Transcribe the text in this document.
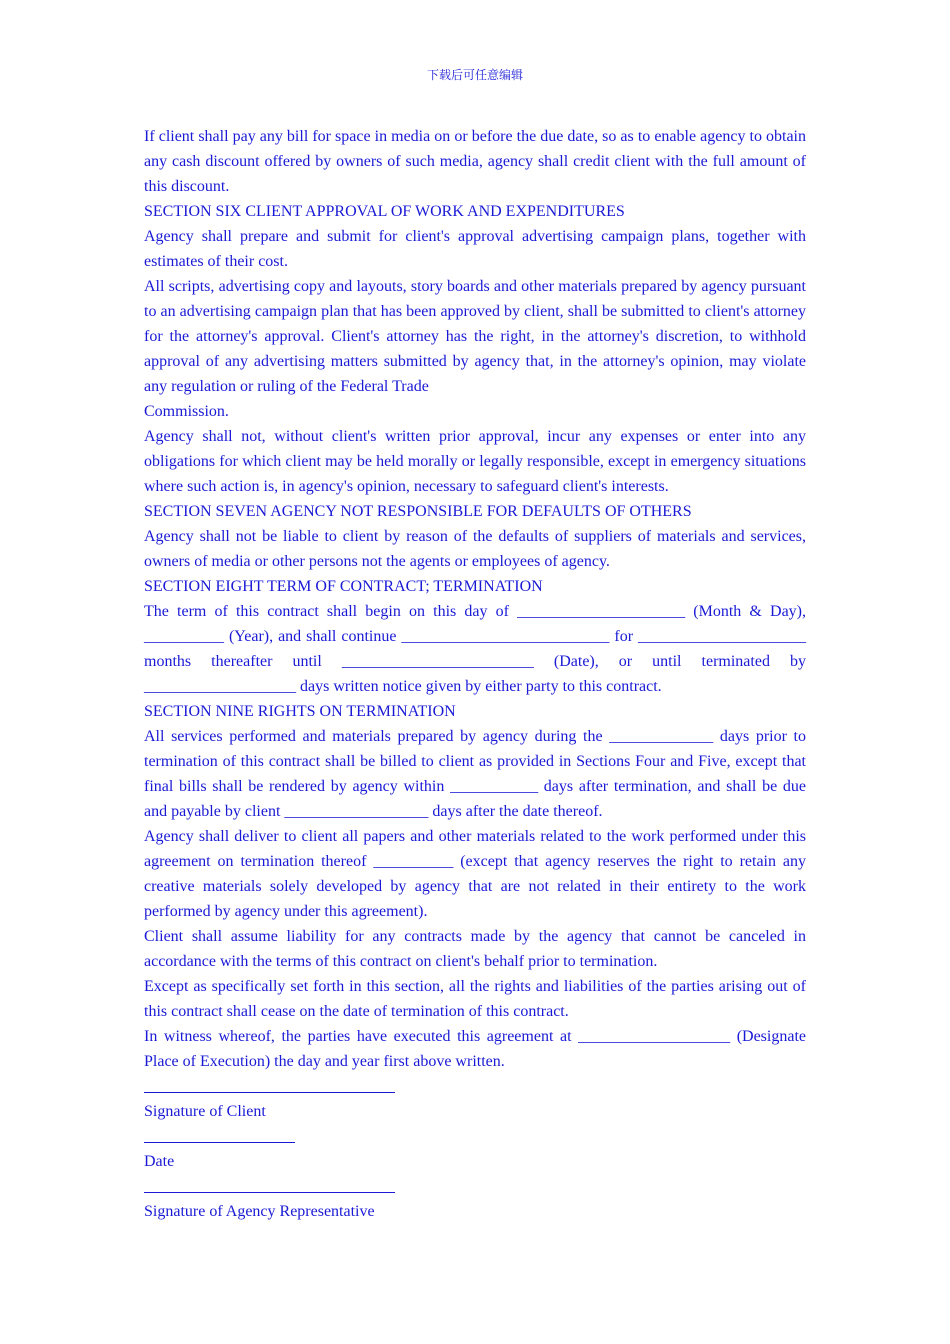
下载后可任意编辑

If client shall pay any bill for space in media on or before the due date, so as to enable agency to obtain any cash discount offered by owners of such media, agency shall credit client with the full amount of this discount.

SECTION SIX CLIENT APPROVAL OF WORK AND EXPENDITURES

Agency shall prepare and submit for client's approval advertising campaign plans, together with estimates of their cost.

All scripts, advertising copy and layouts, story boards and other materials prepared by agency pursuant to an advertising campaign plan that has been approved by client, shall be submitted to client's attorney for the attorney's approval. Client's attorney has the right, in the attorney's discretion, to withhold approval of any advertising matters submitted by agency that, in the attorney's opinion, may violate any regulation or ruling of the Federal Trade

Commission.

Agency shall not, without client's written prior approval, incur any expenses or enter into any obligations for which client may be held morally or legally responsible, except in emergency situations where such action is, in agency's opinion, necessary to safeguard client's interests.

SECTION SEVEN AGENCY NOT RESPONSIBLE FOR DEFAULTS OF OTHERS

Agency shall not be liable to client by reason of the defaults of suppliers of materials and services, owners of media or other persons not the agents or employees of agency.

SECTION EIGHT TERM OF CONTRACT; TERMINATION

The term of this contract shall begin on this day of _____________________ (Month & Day), __________ (Year), and shall continue __________________________ for _____________________ months thereafter until ________________________ (Date), or until terminated by ___________________ days written notice given by either party to this contract.

SECTION NINE RIGHTS ON TERMINATION

All services performed and materials prepared by agency during the _____________ days prior to termination of this contract shall be billed to client as provided in Sections Four and Five, except that final bills shall be rendered by agency within ___________ days after termination, and shall be due and payable by client __________________ days after the date thereof.

Agency shall deliver to client all papers and other materials related to the work performed under this agreement on termination thereof __________ (except that agency reserves the right to retain any creative materials solely developed by agency that are not related in their entirety to the work performed by agency under this agreement).

Client shall assume liability for any contracts made by the agency that cannot be canceled in accordance with the terms of this contract on client's behalf prior to termination.

Except as specifically set forth in this section, all the rights and liabilities of the parties arising out of this contract shall cease on the date of termination of this contract.

In witness whereof, the parties have executed this agreement at ___________________ (Designate Place of Execution) the day and year first above written.

Signature of Client
Date
Signature of Agency Representative
